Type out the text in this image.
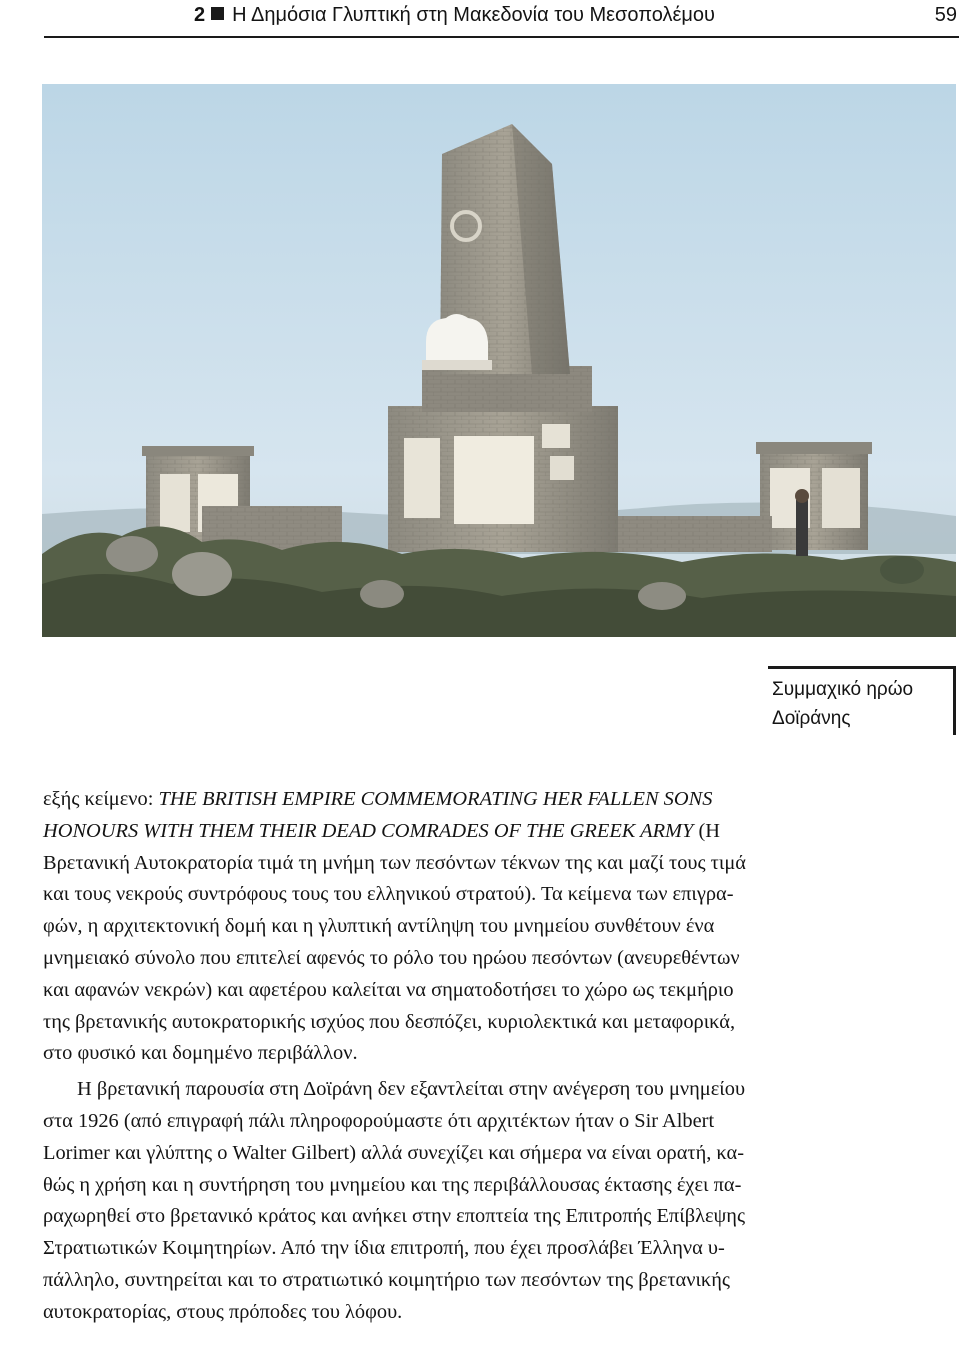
2 Η Δημόσια Γλυπτική στη Μακεδονία του Μεσοπολέμου	59
Συμμαχικό ηρώο
Δοϊράνης

εξής κείμενο: THE BRITISH EMPIRE COMMEMORATING HER FALLEN SONS
HONOURS WITH THEM THEIR DEAD COMRADES OF THE GREEK ARMY (Η
Βρετανική Αυτοκρατορία τιμά τη μνήμη των πεσόντων τέκνων της και μαζί τους τιμά
και τους νεκρούς συντρόφους τους του ελληνικού στρατού). Τα κείμενα των επιγρα-
φών, η αρχιτεκτονική δομή και η γλυπτική αντίληψη του μνημείου συνθέτουν ένα
μνημειακό σύνολο που επιτελεί αφενός το ρόλο του ηρώου πεσόντων (ανευρεθέντων
και αφανών νεκρών) και αφετέρου καλείται να σηματοδοτήσει το χώρο ως τεκμήριο
της βρετανικής αυτοκρατορικής ισχύος που δεσπόζει, κυριολεκτικά και μεταφορικά,
στο φυσικό και δομημένο περιβάλλον.

Η βρετανική παρουσία στη Δοϊράνη δεν εξαντλείται στην ανέγερση του μνημείου
στα 1926 (από επιγραφή πάλι πληροφορούμαστε ότι αρχιτέκτων ήταν ο Sir Albert
Lorimer και γλύπτης ο Walter Gilbert) αλλά συνεχίζει και σήμερα να είναι ορατή, κα-
θώς η χρήση και η συντήρηση του μνημείου και της περιβάλλουσας έκτασης έχει πα-
ραχωρηθεί στο βρετανικό κράτος και ανήκει στην εποπτεία της Επιτροπής Επίβλεψης
Στρατιωτικών Κοιμητηρίων. Από την ίδια επιτροπή, που έχει προσλάβει Έλληνα υ-
πάλληλο, συντηρείται και το στρατιωτικό κοιμητήριο των πεσόντων της βρετανικής
αυτοκρατορίας, στους πρόποδες του λόφου.
